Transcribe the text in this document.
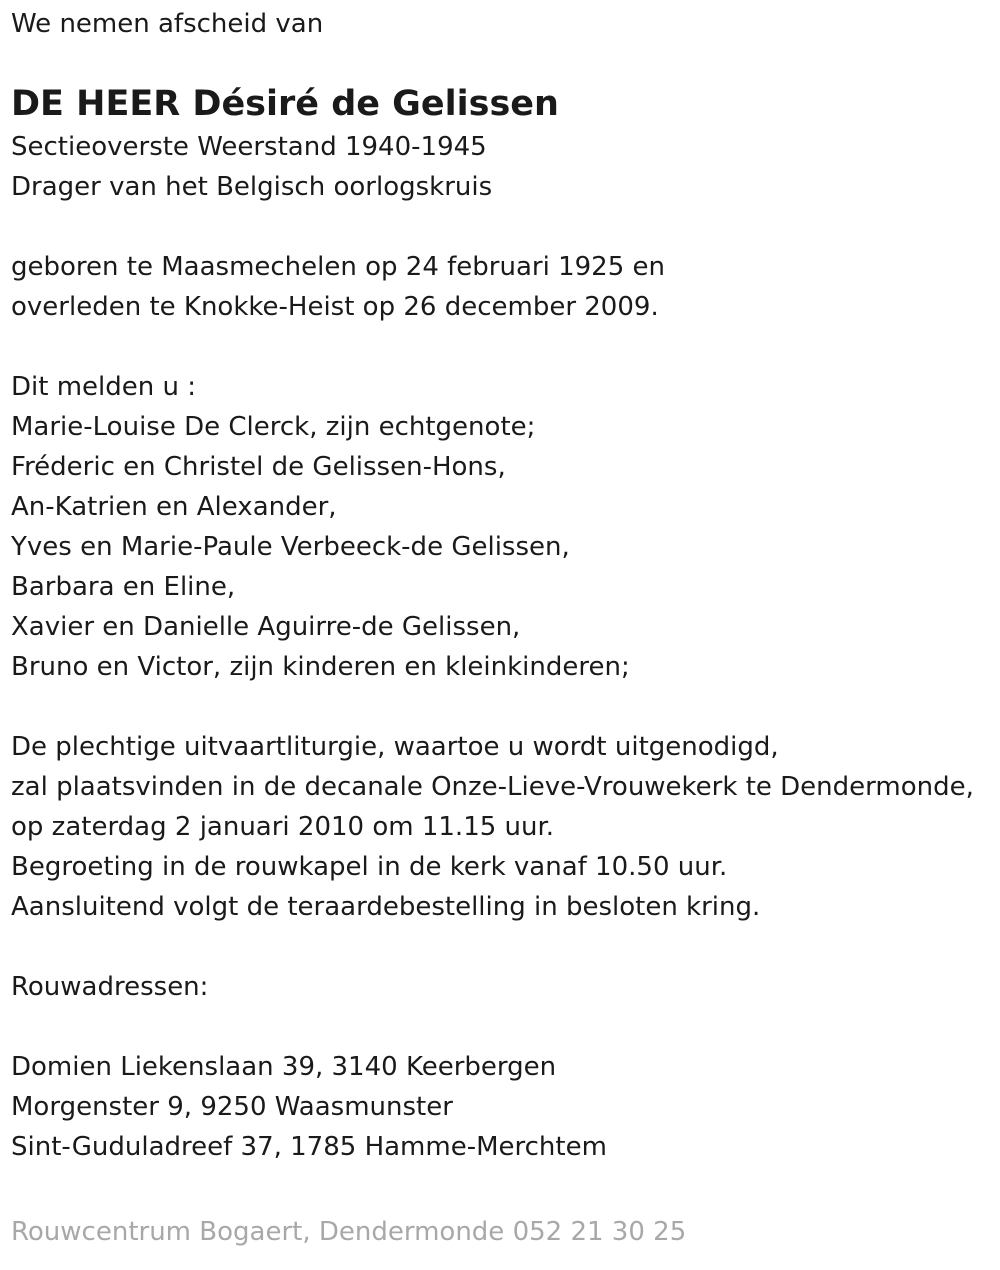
We nemen afscheid van
DE HEER Désiré de Gelissen
Sectieoverste Weerstand 1940-1945
Drager van het Belgisch oorlogskruis
geboren te Maasmechelen op 24 februari 1925 en
overleden te Knokke-Heist op 26 december 2009.
Dit melden u :
Marie-Louise De Clerck, zijn echtgenote;
Fréderic en Christel de Gelissen-Hons,
An-Katrien en Alexander,
Yves en Marie-Paule Verbeeck-de Gelissen,
Barbara en Eline,
Xavier en Danielle Aguirre-de Gelissen,
Bruno en Victor, zijn kinderen en kleinkinderen;
De plechtige uitvaartliturgie, waartoe u wordt uitgenodigd,
zal plaatsvinden in de decanale Onze-Lieve-Vrouwekerk te Dendermonde,
op zaterdag 2 januari 2010 om 11.15 uur.
Begroeting in de rouwkapel in de kerk vanaf 10.50 uur.
Aansluitend volgt de teraardebestelling in besloten kring.
Rouwadressen:
Domien Liekenslaan 39, 3140 Keerbergen
Morgenster 9, 9250 Waasmunster
Sint-Guduladreef 37, 1785 Hamme-Merchtem
Rouwcentrum Bogaert, Dendermonde 052 21 30 25
